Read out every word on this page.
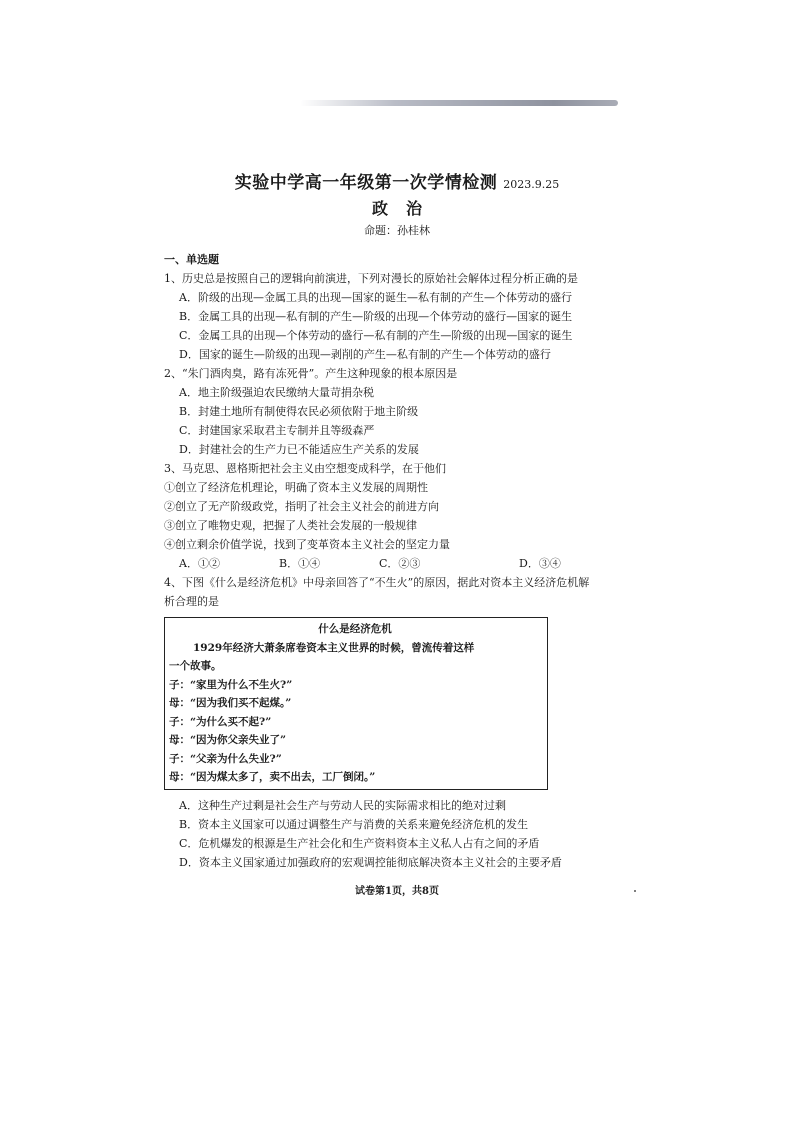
实验中学高一年级第一次学情检测 2023.9.25
政治
命题：孙桂林
一、单选题
1、历史总是按照自己的逻辑向前演进，下列对漫长的原始社会解体过程分析正确的是
A．阶级的出现—金属工具的出现—国家的诞生—私有制的产生—个体劳动的盛行
B．金属工具的出现—私有制的产生—阶级的出现—个体劳动的盛行—国家的诞生
C．金属工具的出现—个体劳动的盛行—私有制的产生—阶级的出现—国家的诞生
D．国家的诞生—阶级的出现—剥削的产生—私有制的产生—个体劳动的盛行
2、“朱门酒肉臭，路有冻死骨”。产生这种现象的根本原因是
A．地主阶级强迫农民缴纳大量苛捐杂税
B．封建土地所有制使得农民必须依附于地主阶级
C．封建国家采取君主专制并且等级森严
D．封建社会的生产力已不能适应生产关系的发展
3、马克思、恩格斯把社会主义由空想变成科学，在于他们
①创立了经济危机理论，明确了资本主义发展的周期性
②创立了无产阶级政党，指明了社会主义社会的前进方向
③创立了唯物史观，把握了人类社会发展的一般规律
④创立剩余价值学说，找到了变革资本主义社会的坚定力量
A．①②	B．①④	C．②③	D．③④
4、下图《什么是经济危机》中母亲回答了“不生火”的原因，据此对资本主义经济危机解
析合理的是
什么是经济危机
1929年经济大萧条席卷资本主义世界的时候，曾流传着这样
一个故事。
子：“家里为什么不生火?”
母：“因为我们买不起煤。”
子：“为什么买不起?”
母：“因为你父亲失业了”
子：“父亲为什么失业?”
母：“因为煤太多了，卖不出去，工厂倒闭。”
A．这种生产过剩是社会生产与劳动人民的实际需求相比的绝对过剩
B．资本主义国家可以通过调整生产与消费的关系来避免经济危机的发生
C．危机爆发的根源是生产社会化和生产资料资本主义私人占有之间的矛盾
D．资本主义国家通过加强政府的宏观调控能彻底解决资本主义社会的主要矛盾
试卷第1页，共8页
